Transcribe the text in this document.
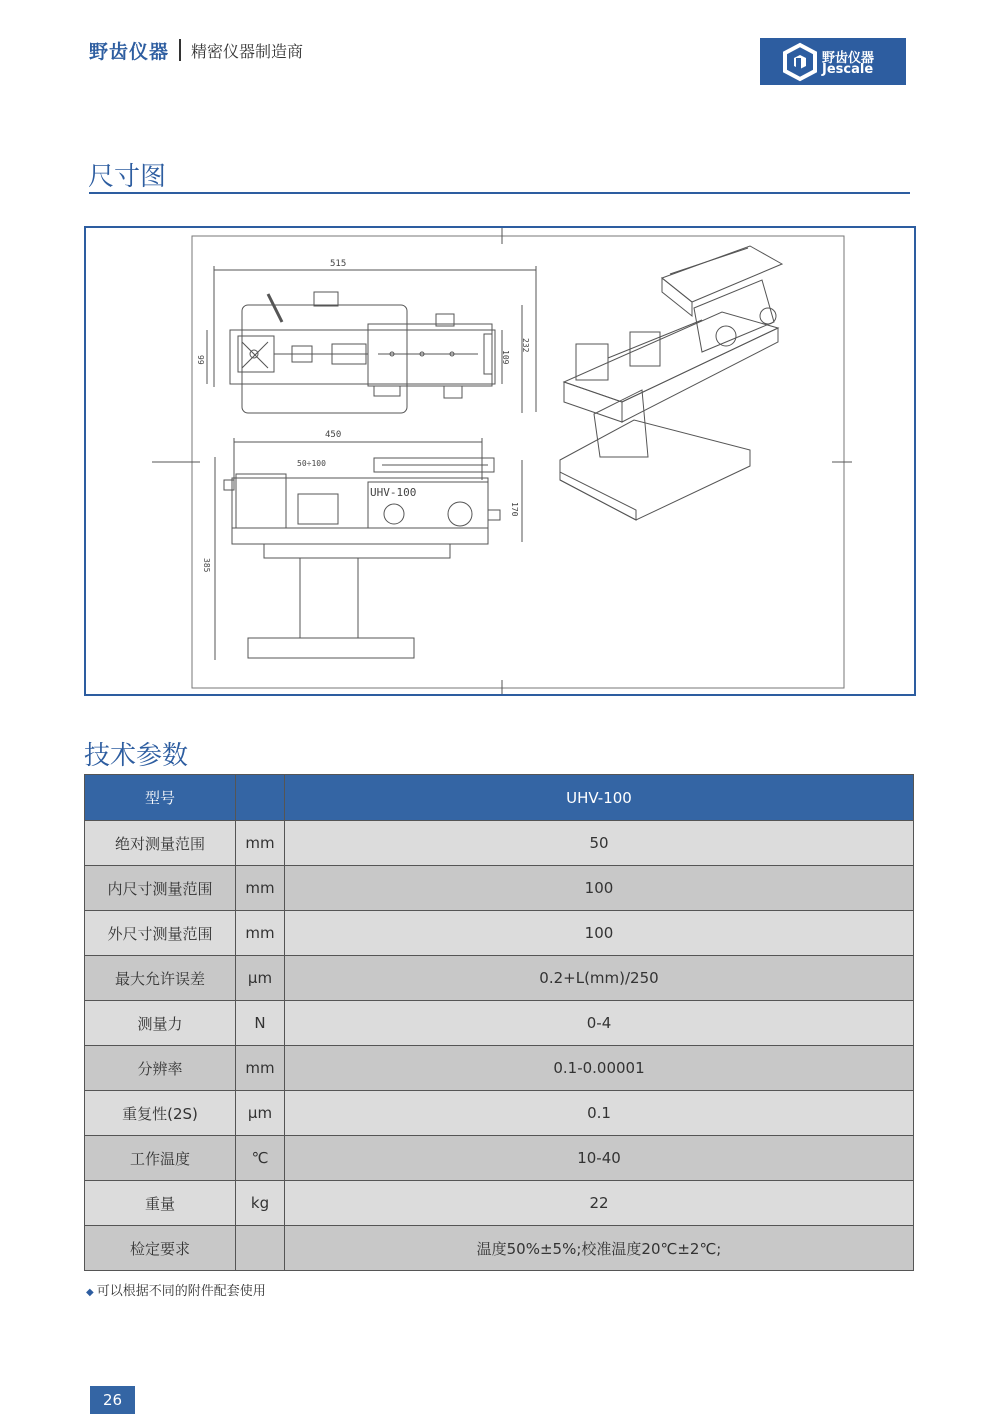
野齿仪器 精密仪器制造商	野齿仪器
Jescale
尺寸图
515
99	109
232
450
50÷100
UHV-100
170
385
技术参数
型号		UHV-100
绝对测量范围	mm	50
内尺寸测量范围	mm	100
外尺寸测量范围	mm	100
最大允许误差	μm	0.2+L(mm)/250
测量力	N	0-4
分辨率	mm	0.1-0.00001
重复性(2S)	μm	0.1
工作温度	℃	10-40
重量	kg	22
检定要求		温度50%±5%;校准温度20℃±2℃;
◆ 可以根据不同的附件配套使用
26
